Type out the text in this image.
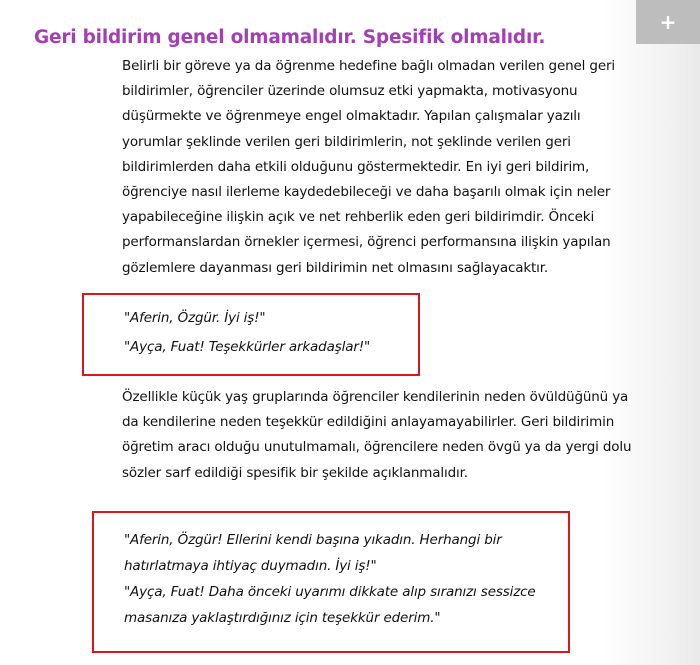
Geri bildirim genel olmamalıdır. Spesifik olmalıdır.
+

Belirli bir göreve ya da öğrenme hedefine bağlı olmadan verilen genel geri bildirimler, öğrenciler üzerinde olumsuz etki yapmakta, motivasyonu düşürmekte ve öğrenmeye engel olmaktadır. Yapılan çalışmalar yazılı yorumlar şeklinde verilen geri bildirimlerin, not şeklinde verilen geri bildirimlerden daha etkili olduğunu göstermektedir. En iyi geri bildirim, öğrenciye nasıl ilerleme kaydedebileceği ve daha başarılı olmak için neler yapabileceğine ilişkin açık ve net rehberlik eden geri bildirimdir. Önceki performanslardan örnekler içermesi, öğrenci performansına ilişkin yapılan gözlemlere dayanması geri bildirimin net olmasını sağlayacaktır.

"Aferin, Özgür. İyi iş!"

"Ayça, Fuat! Teşekkürler arkadaşlar!"

Özellikle küçük yaş gruplarında öğrenciler kendilerinin neden övüldüğünü ya da kendilerine neden teşekkür edildiğini anlayamayabilirler. Geri bildirimin öğretim aracı olduğu unutulmamalı, öğrencilere neden övgü ya da yergi dolu sözler sarf edildiği spesifik bir şekilde açıklanmalıdır.

"Aferin, Özgür! Ellerini kendi başına yıkadın. Herhangi bir hatırlatmaya ihtiyaç duymadın. İyi iş!"

"Ayça, Fuat! Daha önceki uyarımı dikkate alıp sıranızı sessizce masanıza yaklaştırdığınız için teşekkür ederim."
